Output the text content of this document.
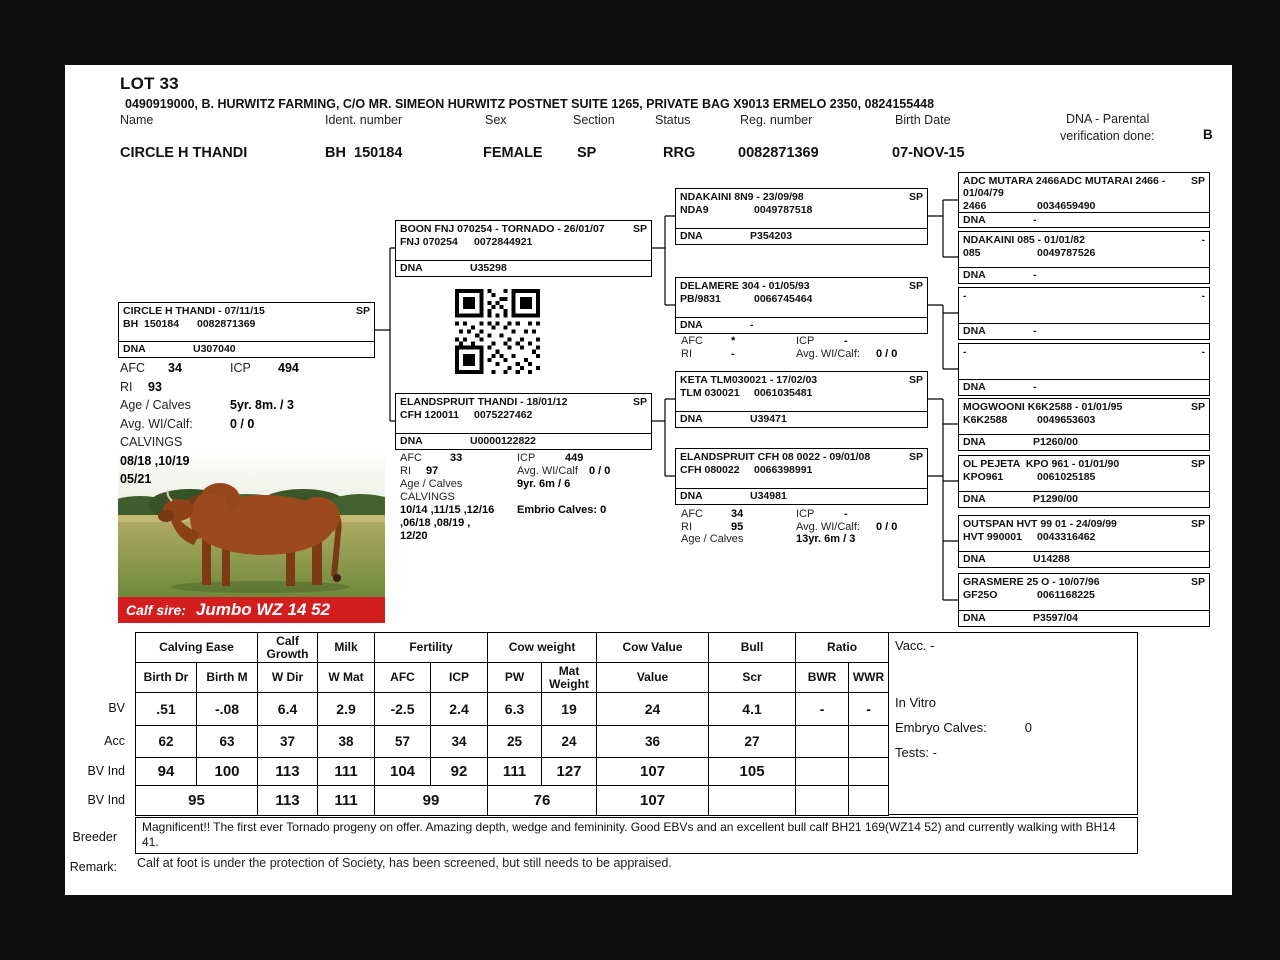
LOT 33
0490919000, B. HURWITZ FARMING, C/O MR. SIMEON HURWITZ POSTNET SUITE 1265, PRIVATE BAG X9013 ERMELO 2350, 0824155448
Name	Ident. number	Sex	Section	Status	Reg. number	Birth Date	DNA - Parental
verification done:	B
CIRCLE H THANDI	BH  150184	FEMALE SP	RRG	0082871369	07-NOV-15
CIRCLE H THANDI - 07/11/15	SP
BH  150184 0082871369
DNA	U307040
AFC	34	ICP	494
RI	93
Age / Calves	5yr. 8m. / 3
Avg. WI/Calf:	0 / 0
CALVINGS
08/18 ,10/19
05/21
Calf sire: Jumbo WZ 14 52
BOON FNJ 070254 - TORNADO - 26/01/07	SP
FNJ 070254 0072844921
DNA	U35298
ELANDSPRUIT THANDI - 18/01/12	SP
CFH 120011 0075227462
DNA	U0000122822
AFC	33	ICP	449
RI	97	Avg. WI/Calf	0 / 0
Age / Calves	9yr. 6m / 6
CALVINGS
10/14 ,11/15 ,12/16	Embrio Calves: 0
,06/18 ,08/19 ,
12/20
NDAKAINI 8N9 - 23/09/98	SP
NDA9	0049787518
DNA	P354203
DELAMERE 304 - 01/05/93	SP
PB/9831	0066745464
DNA	-
AFC	*	ICP	-
RI	-	Avg. WI/Calf:	0 / 0
KETA TLM030021 - 17/02/03	SP
TLM 030021 0061035481
DNA	U39471
ELANDSPRUIT CFH 08 0022 - 09/01/08	SP
CFH 080022 0066398991
DNA	U34981
AFC	34	ICP	-
RI	95	Avg. WI/Calf:	0 / 0
Age / Calves	13yr. 6m / 3
ADC MUTARA 2466ADC MUTARAI 2466 - 01/04/79
SP
2466	0034659490
DNA	-
NDAKAINI 085 - 01/01/82	-
085	0049787526
DNA	-
-	-
DNA	-
-	-
DNA	-
MOGWOONI K6K2588 - 01/01/95	SP
K6K2588	0049653603
DNA	P1260/00
OL PEJETA  KPO 961 - 01/01/90	SP
KPO961	0061025185
DNA	P1290/00
OUTSPAN HVT 99 01 - 24/09/99	SP
HVT 990001 0043316462
DNA	U14288
GRASMERE 25 O - 10/07/96	SP
GF25O	0061168225
DNA	P3597/04
BV
Acc
BV Ind
BV Ind

Breeder

Remark:

Calving Ease		Calf Growth	Milk	Fertility		Cow weight		Cow Value	Bull	Ratio	
Birth Dr	Birth M	W Dir	W Mat	AFC	ICP	PW	Mat Weight	Value	Scr	BWR	WWR
.51	-.08	6.4	2.9	-2.5	2.4	6.3	19	24	4.1	-	-
62	63	37	38	57	34	25	24	36	27		
94	100	113	111	104	92	111	127	107	105		
95		113	111	99		76		107			
Vacc. -
In Vitro
Embryo Calves:	0
Tests: -
Magnificent!! The first ever Tornado progeny on offer. Amazing depth, wedge and femininity. Good EBVs and an excellent bull calf BH21 169(WZ14 52) and currently walking with BH14 41.
Calf at foot is under the protection of Society, has been screened, but still needs to be appraised.
